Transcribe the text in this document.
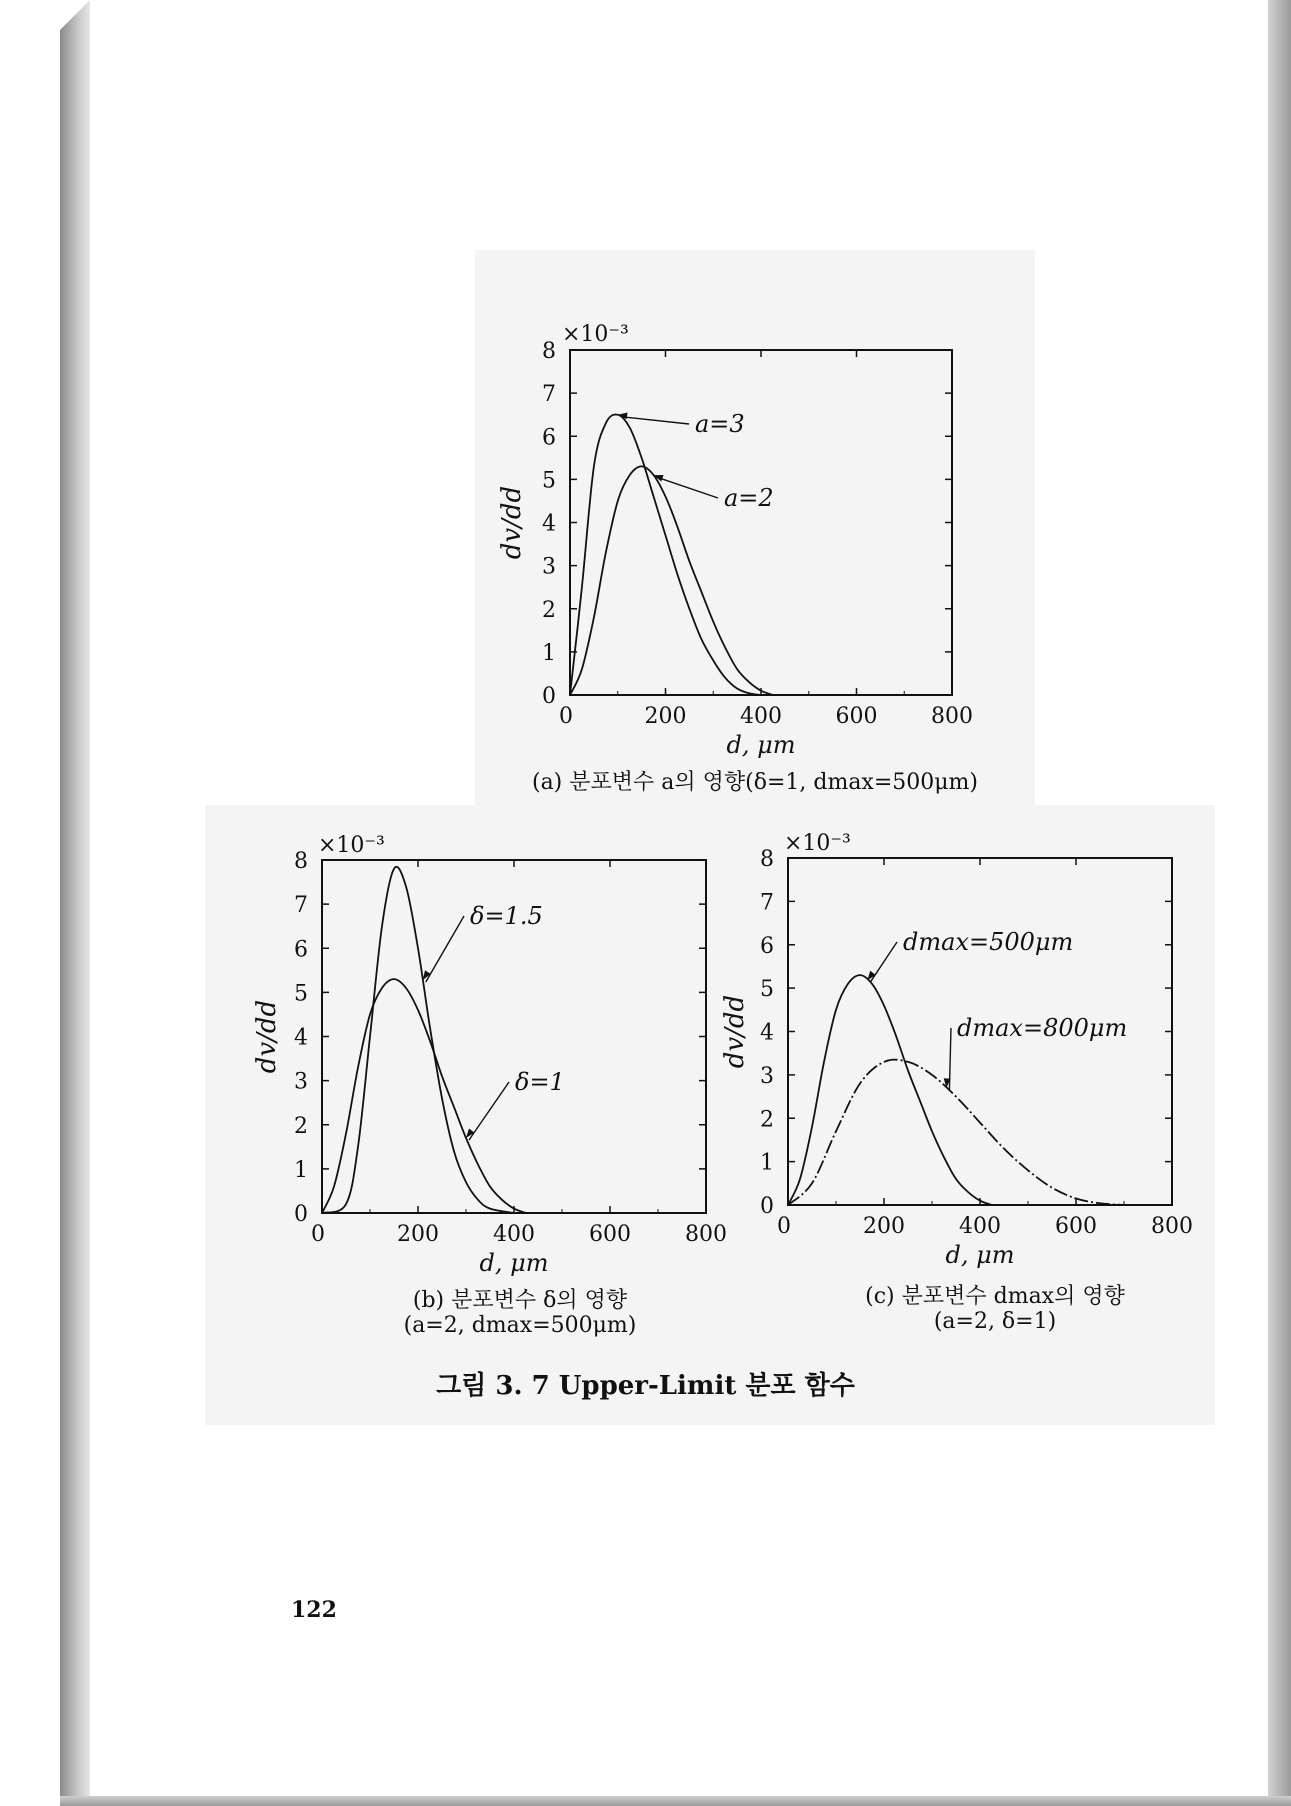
0	200 400 600 800
0
1
2
3
4
5
6
7
8
×10⁻³
d, μm
dv/dd
a=3
a=2
(a) 분포변수 a의 영향(δ=1, dmax=500μm)
0	200 400 600 800
0
1
2
3
4
5
6
7
8
×10⁻³
d, μm
dv/dd
δ=1.5
δ=1
(b) 분포변수 δ의 영향
(a=2, dmax=500μm)
0	200 400 600 800
0
1
2
3
4
5
6
7
8
×10⁻³
d, μm
dv/dd
dmax=500μm
dmax=800μm
(c) 분포변수 dmax의 영향
(a=2, δ=1)
그림 3. 7 Upper-Limit 분포 함수
122
